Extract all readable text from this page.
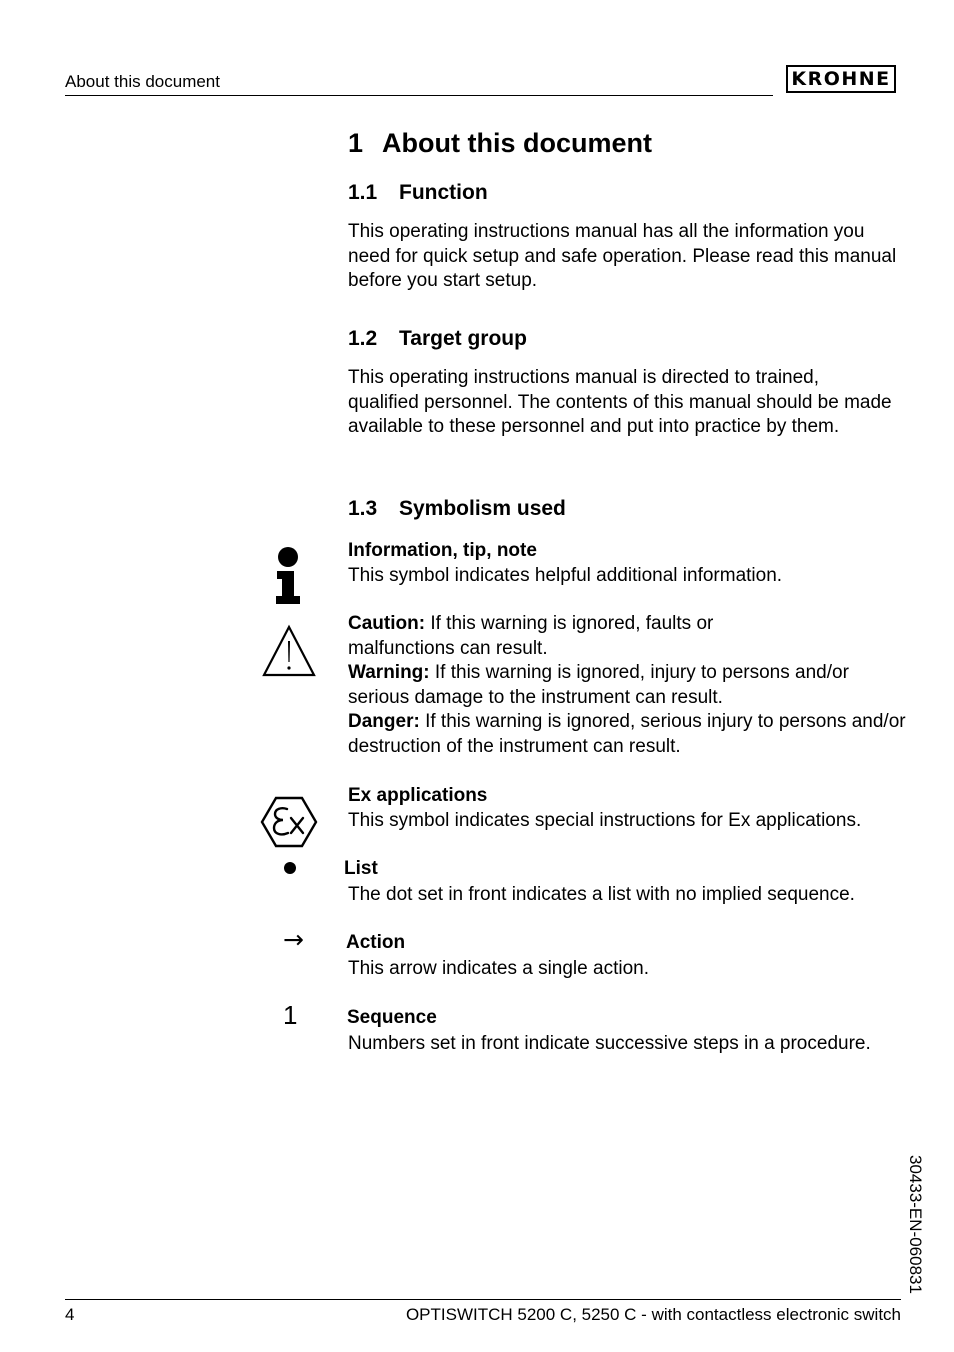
About this document	KROHNE
1 About this document
1.1 Function
This operating instructions manual has all the information you need for quick setup and safe operation. Please read this manual before you start setup.
1.2 Target group
This operating instructions manual is directed to trained, qualified personnel. The contents of this manual should be made available to these personnel and put into practice by them.
1.3 Symbolism used
Information, tip, note
This symbol indicates helpful additional information.
Caution: If this warning is ignored, faults or malfunctions can result.
Warning: If this warning is ignored, injury to persons and/or serious damage to the instrument can result.
Danger: If this warning is ignored, serious injury to persons and/or destruction of the instrument can result.
Ex applications
This symbol indicates special instructions for Ex applications.
List
The dot set in front indicates a list with no implied sequence.
→ Action
This arrow indicates a single action.
1	Sequence
Numbers set in front indicate successive steps in a procedure.
30433-EN-060831
4	OPTISWITCH 5200 C, 5250 C - with contactless electronic switch
